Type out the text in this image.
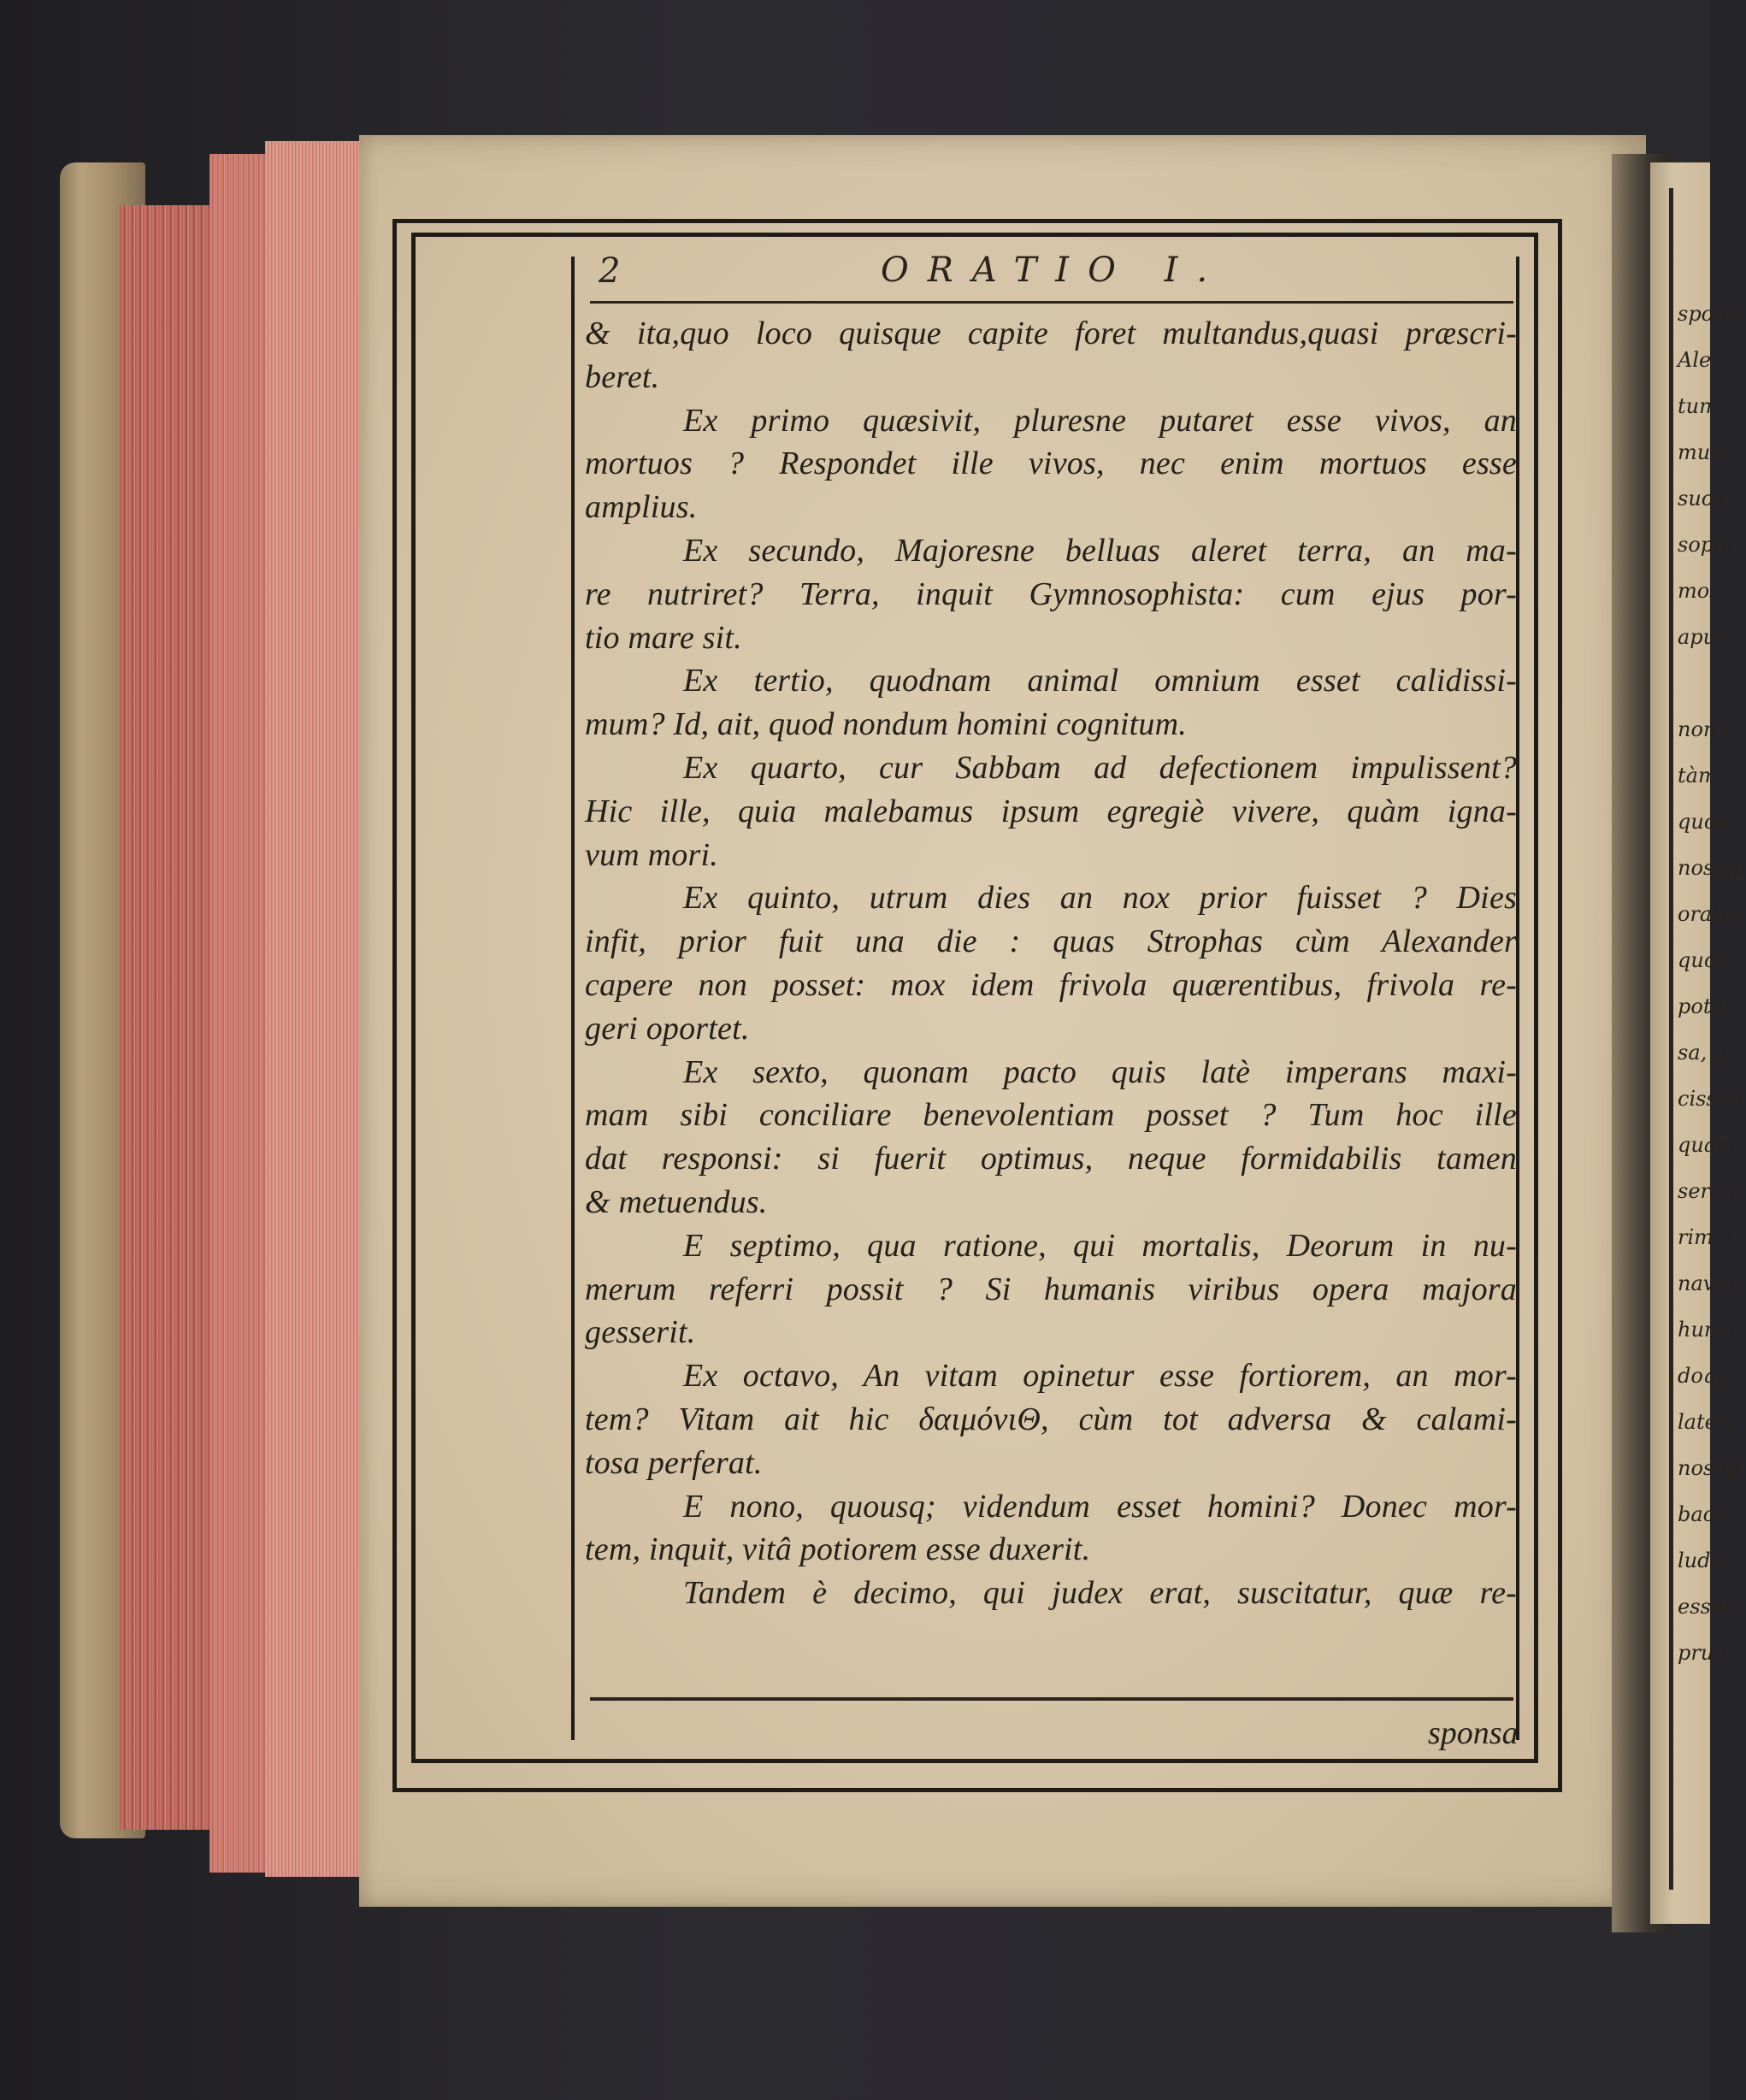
spons
Ale
tum
mune
suos
sophi
mos,
apud
non e
tàm
quod
nos op
oratiu
quod
poten
sa, q
cissim
quam
sera p
rim a
navig
huma
doq;
latere
nosop
bacte
lude.
essem
prud
2	ORATIO I.
& ita,quo loco quisque capite foret multandus,quasi præscri-
beret.
Ex primo quæsivit, pluresne putaret esse vivos, an
mortuos ? Respondet ille vivos, nec enim mortuos esse
amplius.
Ex secundo, Majoresne belluas aleret terra, an ma-
re nutriret? Terra, inquit Gymnosophista: cum ejus por-
tio mare sit.
Ex tertio, quodnam animal omnium esset calidissi-
mum? Id, ait, quod nondum homini cognitum.
Ex quarto, cur Sabbam ad defectionem impulissent?
Hic ille, quia malebamus ipsum egregiè vivere, quàm igna-
vum mori.
Ex quinto, utrum dies an nox prior fuisset ? Dies
infit, prior fuit una die : quas Strophas cùm Alexander
capere non posset: mox idem frivola quærentibus, frivola re-
geri oportet.
Ex sexto, quonam pacto quis latè imperans maxi-
mam sibi conciliare benevolentiam posset ? Tum hoc ille
dat responsi: si fuerit optimus, neque formidabilis tamen
& metuendus.
E septimo, qua ratione, qui mortalis, Deorum in nu-
merum referri possit ? Si humanis viribus opera majora
gesserit.
Ex octavo, An vitam opinetur esse fortiorem, an mor-
tem? Vitam ait hic δαιμόνιΘ, cùm tot adversa & calami-
tosa perferat.
E nono, quousq; videndum esset homini? Donec mor-
tem, inquit, vitâ potiorem esse duxerit.
Tandem è decimo, qui judex erat, suscitatur, quæ re-
sponsa
